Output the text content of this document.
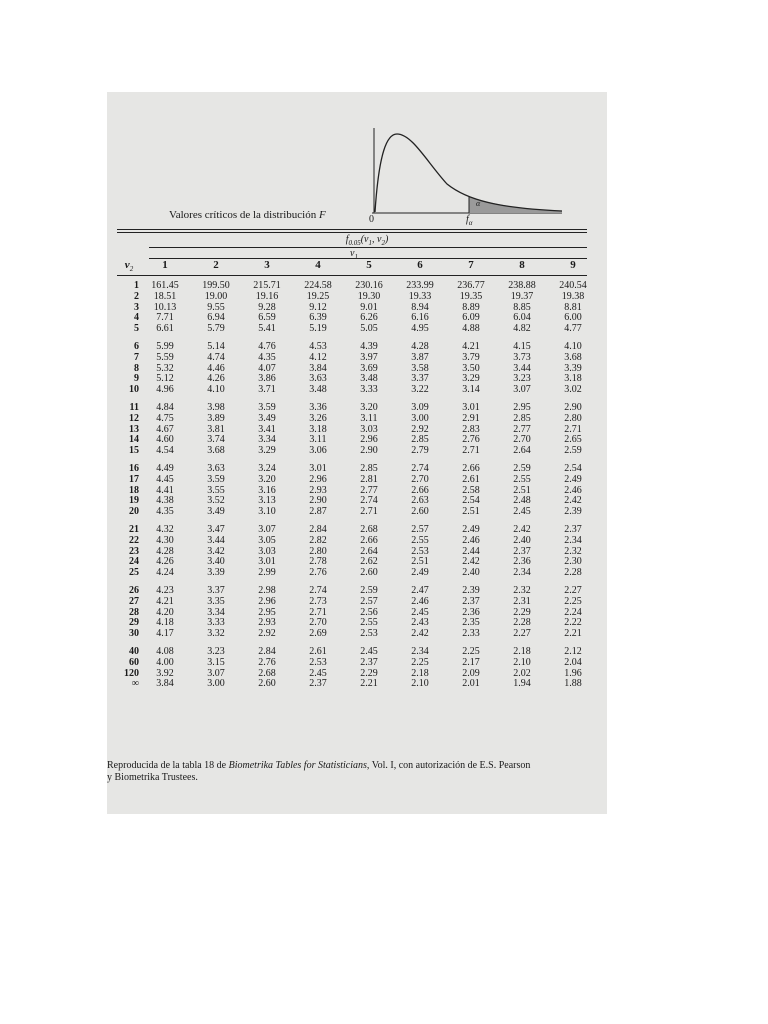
Valores críticos de la distribución F	0	$f_\alpha$
α
$f_{0.05}(v_1$, $v_2$)
$v_1$
$v_2$	1	2	3	4	5	6	7	8	9
1	161.45	199.50	215.71	224.58	230.16	233.99	236.77	238.88	240.54
2	18.51	19.00	19.16	19.25	19.30	19.33	19.35	19.37	19.38
3	10.13	9.55	9.28	9.12	9.01	8.94	8.89	8.85	8.81
4	7.71	6.94	6.59	6.39	6.26	6.16	6.09	6.04	6.00
5	6.61	5.79	5.41	5.19	5.05	4.95	4.88	4.82	4.77
6	5.99	5.14	4.76	4.53	4.39	4.28	4.21	4.15	4.10
7	5.59	4.74	4.35	4.12	3.97	3.87	3.79	3.73	3.68
8	5.32	4.46	4.07	3.84	3.69	3.58	3.50	3.44	3.39
9	5.12	4.26	3.86	3.63	3.48	3.37	3.29	3.23	3.18
10	4.96	4.10	3.71	3.48	3.33	3.22	3.14	3.07	3.02
11	4.84	3.98	3.59	3.36	3.20	3.09	3.01	2.95	2.90
12	4.75	3.89	3.49	3.26	3.11	3.00	2.91	2.85	2.80
13	4.67	3.81	3.41	3.18	3.03	2.92	2.83	2.77	2.71
14	4.60	3.74	3.34	3.11	2.96	2.85	2.76	2.70	2.65
15	4.54	3.68	3.29	3.06	2.90	2.79	2.71	2.64	2.59
16	4.49	3.63	3.24	3.01	2.85	2.74	2.66	2.59	2.54
17	4.45	3.59	3.20	2.96	2.81	2.70	2.61	2.55	2.49
18	4.41	3.55	3.16	2.93	2.77	2.66	2.58	2.51	2.46
19	4.38	3.52	3.13	2.90	2.74	2.63	2.54	2.48	2.42
20	4.35	3.49	3.10	2.87	2.71	2.60	2.51	2.45	2.39
21	4.32	3.47	3.07	2.84	2.68	2.57	2.49	2.42	2.37
22	4.30	3.44	3.05	2.82	2.66	2.55	2.46	2.40	2.34
23	4.28	3.42	3.03	2.80	2.64	2.53	2.44	2.37	2.32
24	4.26	3.40	3.01	2.78	2.62	2.51	2.42	2.36	2.30
25	4.24	3.39	2.99	2.76	2.60	2.49	2.40	2.34	2.28
26	4.23	3.37	2.98	2.74	2.59	2.47	2.39	2.32	2.27
27	4.21	3.35	2.96	2.73	2.57	2.46	2.37	2.31	2.25
28	4.20	3.34	2.95	2.71	2.56	2.45	2.36	2.29	2.24
29	4.18	3.33	2.93	2.70	2.55	2.43	2.35	2.28	2.22
30	4.17	3.32	2.92	2.69	2.53	2.42	2.33	2.27	2.21
40	4.08	3.23	2.84	2.61	2.45	2.34	2.25	2.18	2.12
60	4.00	3.15	2.76	2.53	2.37	2.25	2.17	2.10	2.04
120	3.92	3.07	2.68	2.45	2.29	2.18	2.09	2.02	1.96
∞	3.84	3.00	2.60	2.37	2.21	2.10	2.01	1.94	1.88
Reproducida de la tabla 18 de Biometrika Tables for Statisticians, Vol. I, con autorización de E.S. Pearson
y Biometrika Trustees.
